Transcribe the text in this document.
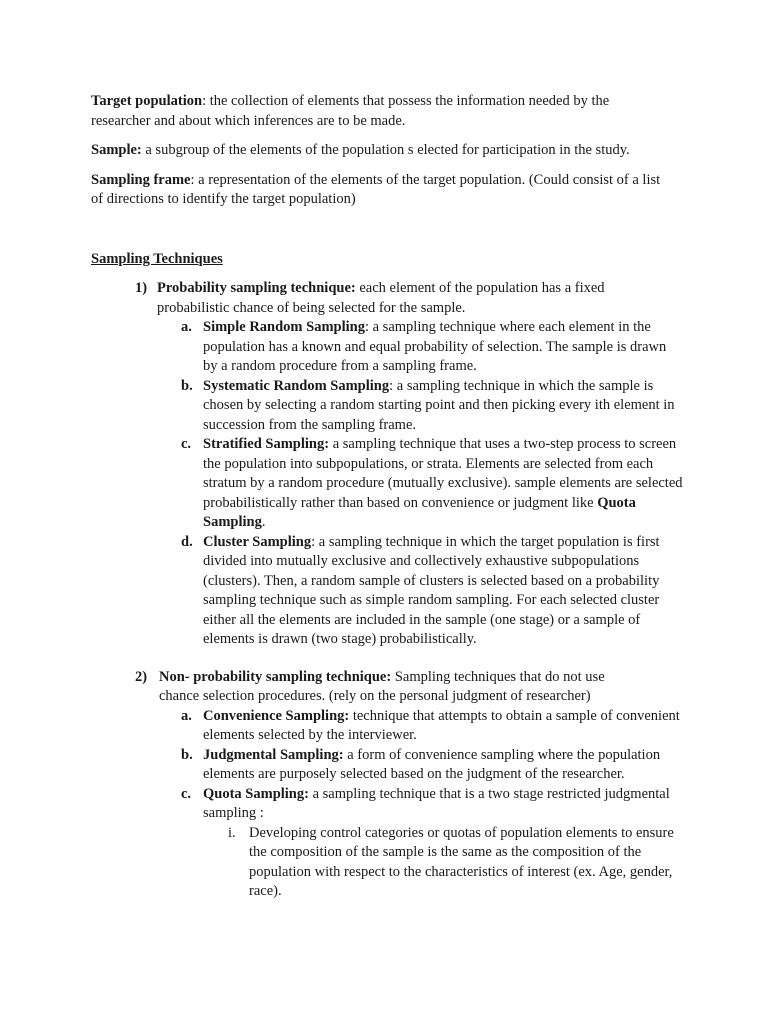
Target population: the collection of elements that possess the information needed by the researcher and about which inferences are to be made.

Sample: a subgroup of the elements of the population s elected for participation in the study.

Sampling frame: a representation of the elements of the target population. (Could consist of a list of directions to identify the target population)

Sampling Techniques
1) Probability sampling technique: each element of the population has a fixed probabilistic chance of being selected for the sample.
a. Simple Random Sampling: a sampling technique where each element in the population has a known and equal probability of selection. The sample is drawn by a random procedure from a sampling frame.
b. Systematic Random Sampling: a sampling technique in which the sample is chosen by selecting a random starting point and then picking every ith element in succession from the sampling frame.
c. Stratified Sampling: a sampling technique that uses a two-step process to screen the population into subpopulations, or strata. Elements are selected from each stratum by a random procedure (mutually exclusive). sample elements are selected probabilistically rather than based on convenience or judgment like Quota Sampling.
d. Cluster Sampling: a sampling technique in which the target population is first divided into mutually exclusive and collectively exhaustive subpopulations (clusters). Then, a random sample of clusters is selected based on a probability sampling technique such as simple random sampling. For each selected cluster either all the elements are included in the sample (one stage) or a sample of elements is drawn (two stage) probabilistically.
2) Non- probability sampling technique: Sampling techniques that do not use chance selection procedures. (rely on the personal judgment of researcher)
a. Convenience Sampling: technique that attempts to obtain a sample of convenient elements selected by the interviewer.
b. Judgmental Sampling: a form of convenience sampling where the population elements are purposely selected based on the judgment of the researcher.
c. Quota Sampling: a sampling technique that is a two stage restricted judgmental sampling :
i. Developing control categories or quotas of population elements to ensure the composition of the sample is the same as the composition of the population with respect to the characteristics of interest (ex. Age, gender, race).
